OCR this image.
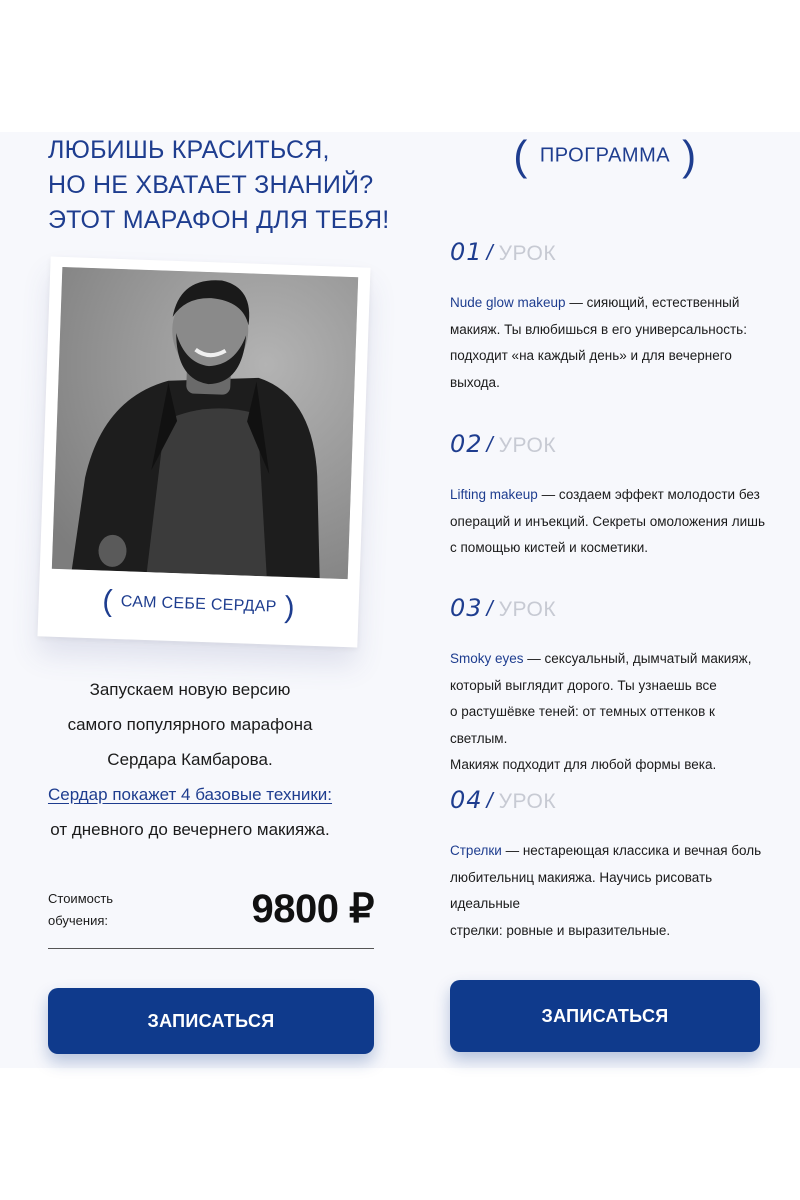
ЛЮБИШЬ КРАСИТЬСЯ,
НО НЕ ХВАТАЕТ ЗНАНИЙ?
ЭТОТ МАРАФОН ДЛЯ ТЕБЯ!
( САМ СЕБЕ СЕРДАР )
Запускаем новую версию
самого популярного марафона
Сердара Камбарова.
Сердар покажет 4 базовые техники:
от дневного до вечернего макияжа.
Стоимость
обучения:	9800 ₽
ЗАПИСАТЬСЯ
( ПРОГРАММА )
01 / УРОК
Nude glow makeup — сияющий, естественный
макияж. Ты влюбишься в его универсальность:
подходит «на каждый день» и для вечернего
выхода.
02 / УРОК
Lifting makeup — создаем эффект молодости без
операций и инъекций. Секреты омоложения лишь
с помощью кистей и косметики.
03 / УРОК
Smoky eyes — сексуальный, дымчатый макияж,
который выглядит дорого. Ты узнаешь все
о растушёвке теней: от темных оттенков к светлым.
Макияж подходит для любой формы века.
04 / УРОК
Стрелки — нестареющая классика и вечная боль
любительниц макияжа. Научись рисовать идеальные
стрелки: ровные и выразительные.
ЗАПИСАТЬСЯ
